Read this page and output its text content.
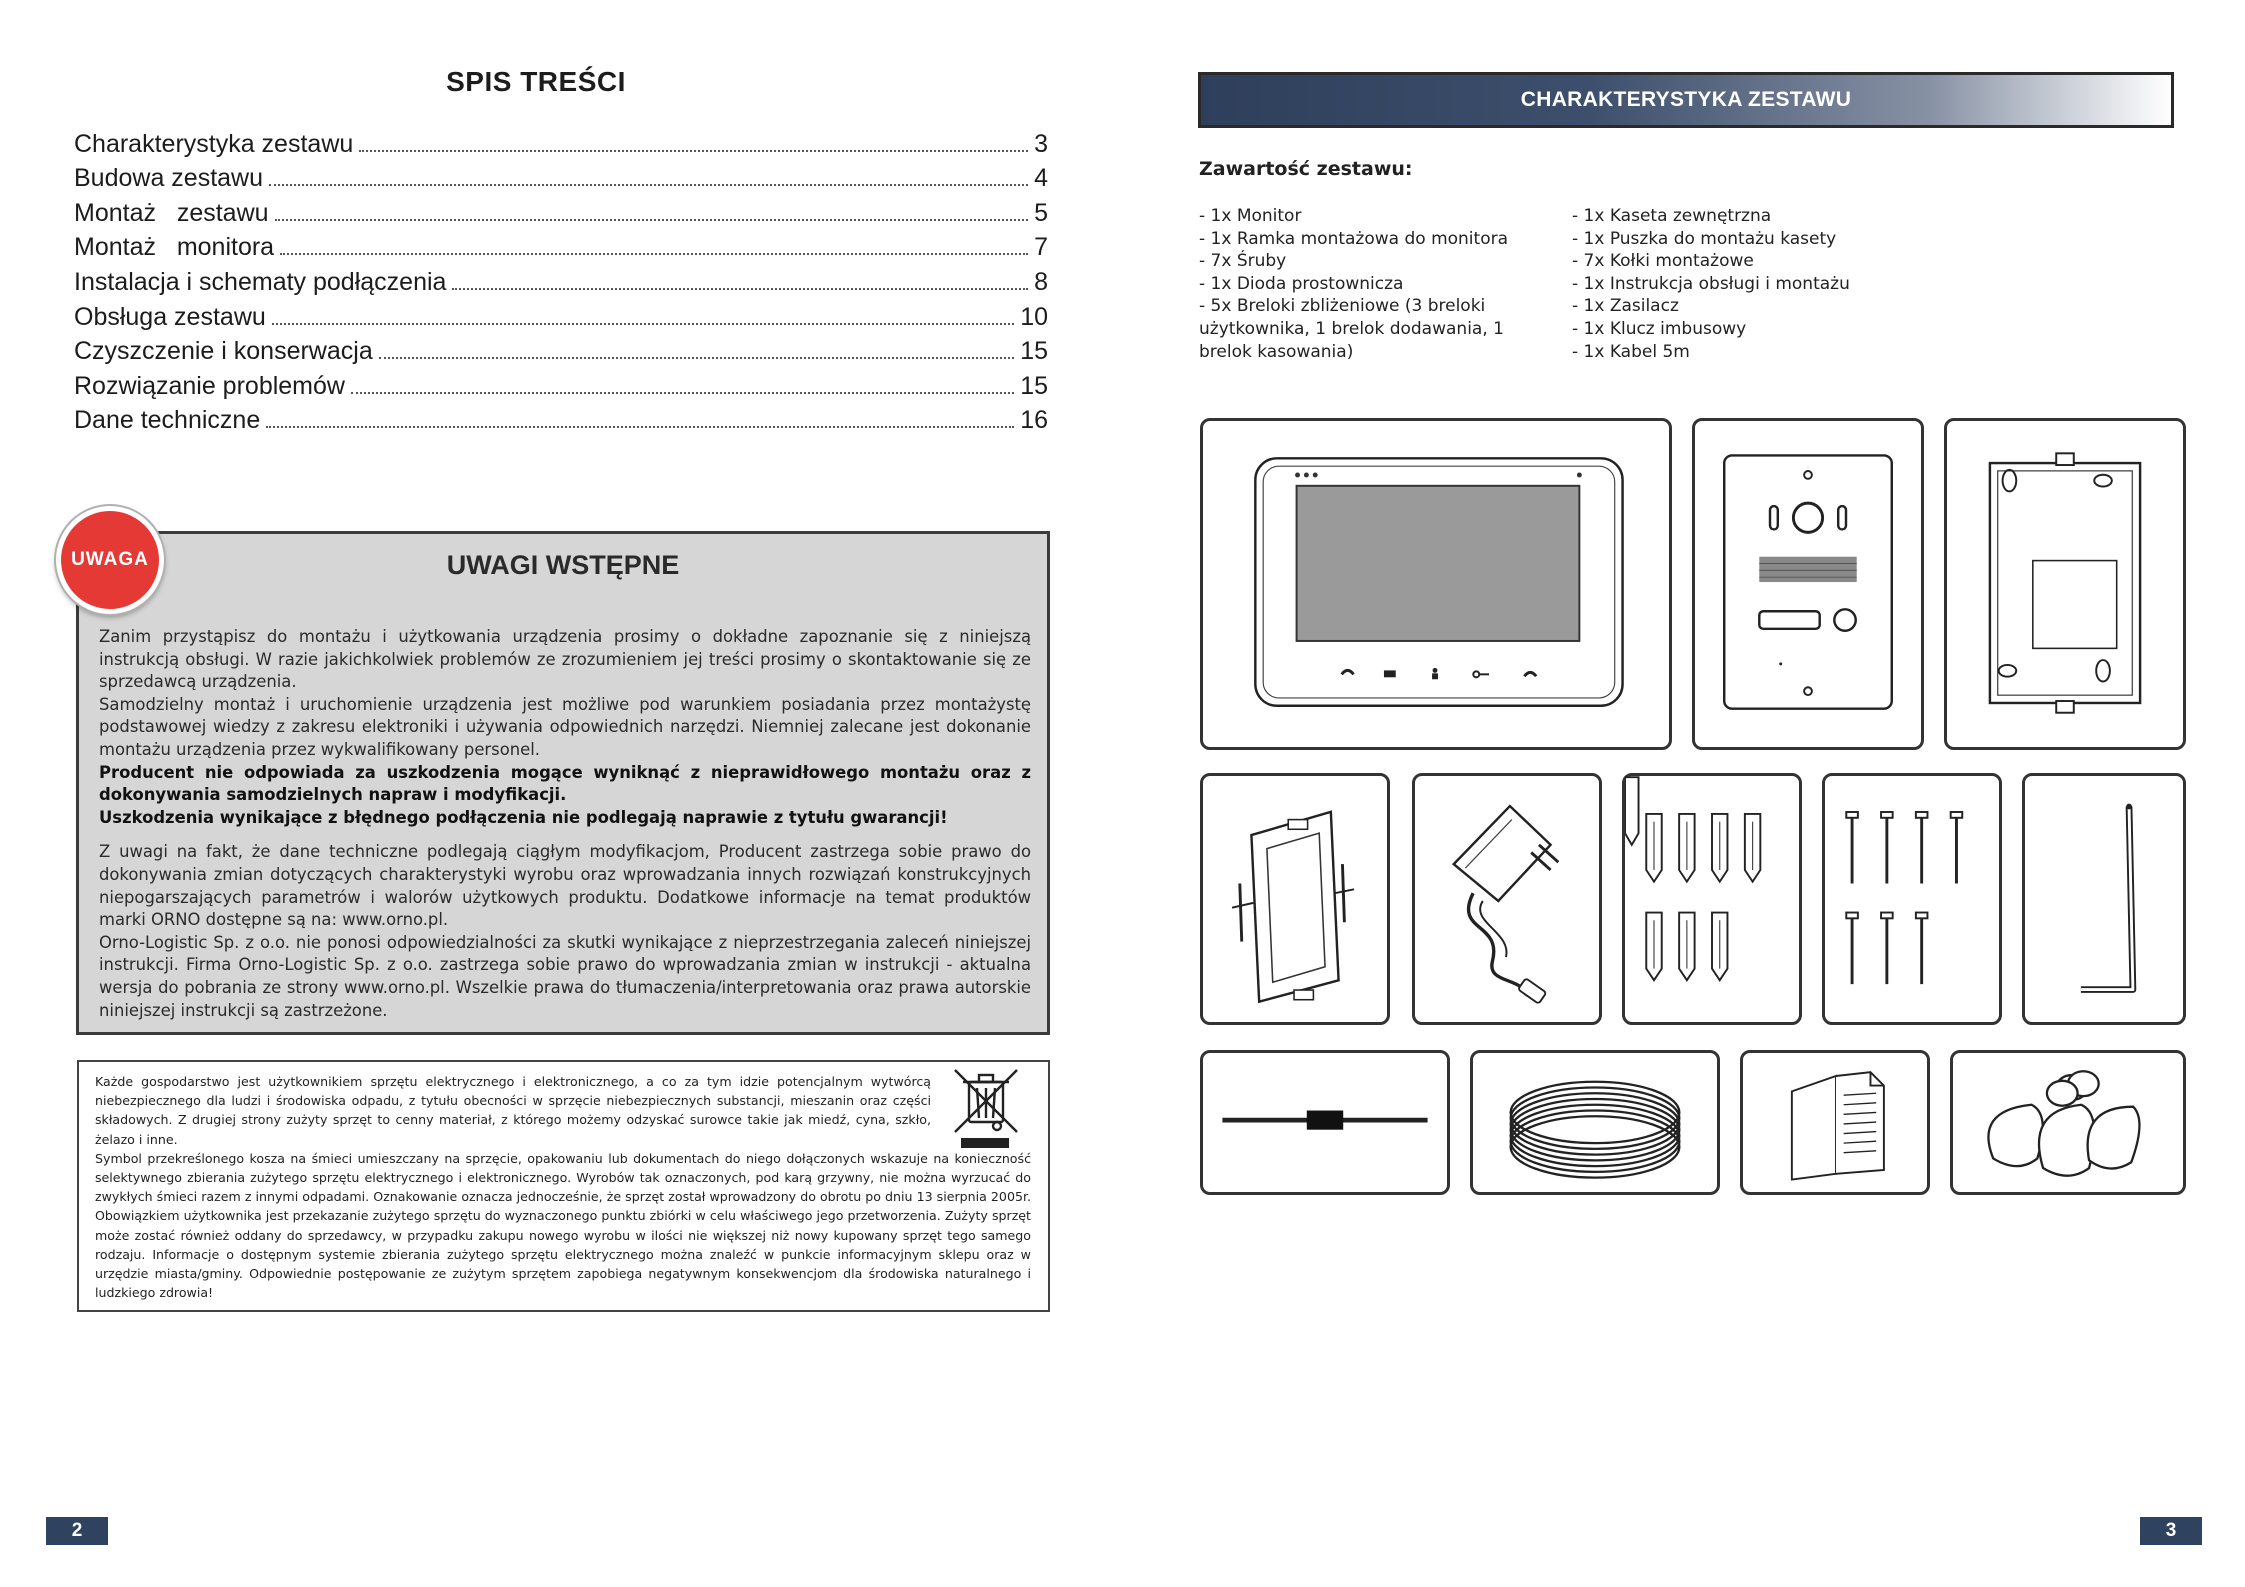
SPIS TREŚCI
Charakterystyka zestawu	3
Budowa zestawu	4
Montaż   zestawu	5
Montaż   monitora	7
Instalacja i schematy podłączenia	8
Obsługa zestawu	10
Czyszczenie i konserwacja	15
Rozwiązanie problemów	15
Dane techniczne	16
UWAGI WSTĘPNE

Zanim przystąpisz do montażu i użytkowania urządzenia prosimy o dokładne zapoznanie się z niniejszą instrukcją obsługi. W razie jakichkolwiek problemów ze zrozumieniem jej treści prosimy o skontaktowanie się ze sprzedawcą urządzenia.

Samodzielny montaż i uruchomienie urządzenia jest możliwe pod warunkiem posiadania przez montażystę podstawowej wiedzy z zakresu elektroniki i używania odpowiednich narzędzi. Niemniej zalecane jest dokonanie montażu urządzenia przez wykwalifikowany personel.

Producent nie odpowiada za uszkodzenia mogące wyniknąć z nieprawidłowego montażu oraz z dokonywania samodzielnych napraw i modyfikacji.

Uszkodzenia wynikające z błędnego podłączenia nie podlegają naprawie z tytułu gwarancji!

Z uwagi na fakt, że dane techniczne podlegają ciągłym modyfikacjom, Producent zastrzega sobie prawo do dokonywania zmian dotyczących charakterystyki wyrobu oraz wprowadzania innych rozwiązań konstrukcyjnych niepogarszających parametrów i walorów użytkowych produktu. Dodatkowe informacje na temat produktów marki ORNO dostępne są na: www.orno.pl.

Orno-Logistic Sp. z o.o. nie ponosi odpowiedzialności za skutki wynikające z nieprzestrzegania zaleceń niniejszej instrukcji. Firma Orno-Logistic Sp. z o.o. zastrzega sobie prawo do wprowadzania zmian w instrukcji - aktualna wersja do pobrania ze strony www.orno.pl. Wszelkie prawa do tłumaczenia/interpretowania oraz prawa autorskie niniejszej instrukcji są zastrzeżone.

UWAGA

Każde gospodarstwo jest użytkownikiem sprzętu elektrycznego i elektronicznego, a co za tym idzie potencjalnym wytwórcą niebezpiecznego dla ludzi i środowiska odpadu, z tytułu obecności w sprzęcie niebezpiecznych substancji, mieszanin oraz części składowych. Z drugiej strony zużyty sprzęt to cenny materiał, z którego możemy odzyskać surowce takie jak miedź, cyna, szkło, żelazo i inne.

Symbol przekreślonego kosza na śmieci umieszczany na sprzęcie, opakowaniu lub dokumentach do niego dołączonych wskazuje na konieczność selektywnego zbierania zużytego sprzętu elektrycznego i elektronicznego. Wyrobów tak oznaczonych, pod karą grzywny, nie można wyrzucać do zwykłych śmieci razem z innymi odpadami. Oznakowanie oznacza jednocześnie, że sprzęt został wprowadzony do obrotu po dniu 13 sierpnia 2005r. Obowiązkiem użytkownika jest przekazanie zużytego sprzętu do wyznaczonego punktu zbiórki w celu właściwego jego przetworzenia. Zużyty sprzęt może zostać również oddany do sprzedawcy, w przypadku zakupu nowego wyrobu w ilości nie większej niż nowy kupowany sprzęt tego samego rodzaju. Informacje o dostępnym systemie zbierania zużytego sprzętu elektrycznego można znaleźć w punkcie informacyjnym sklepu oraz w urzędzie miasta/gminy. Odpowiednie postępowanie ze zużytym sprzętem zapobiega negatywnym konsekwencjom dla środowiska naturalnego i ludzkiego zdrowia!

2
CHARAKTERYSTYKA ZESTAWU
Zawartość zestawu:
- 1x Monitor
- 1x Ramka montażowa do monitora
- 7x Śruby
- 1x Dioda prostownicza
- 5x Breloki zbliżeniowe (3 breloki użytkownika, 1 brelok dodawania, 1 brelok kasowania)
- 1x Kaseta zewnętrzna
- 1x Puszka do montażu kasety
- 7x Kołki montażowe
- 1x Instrukcja obsługi i montażu
- 1x Zasilacz
- 1x Klucz imbusowy
- 1x Kabel 5m
3
